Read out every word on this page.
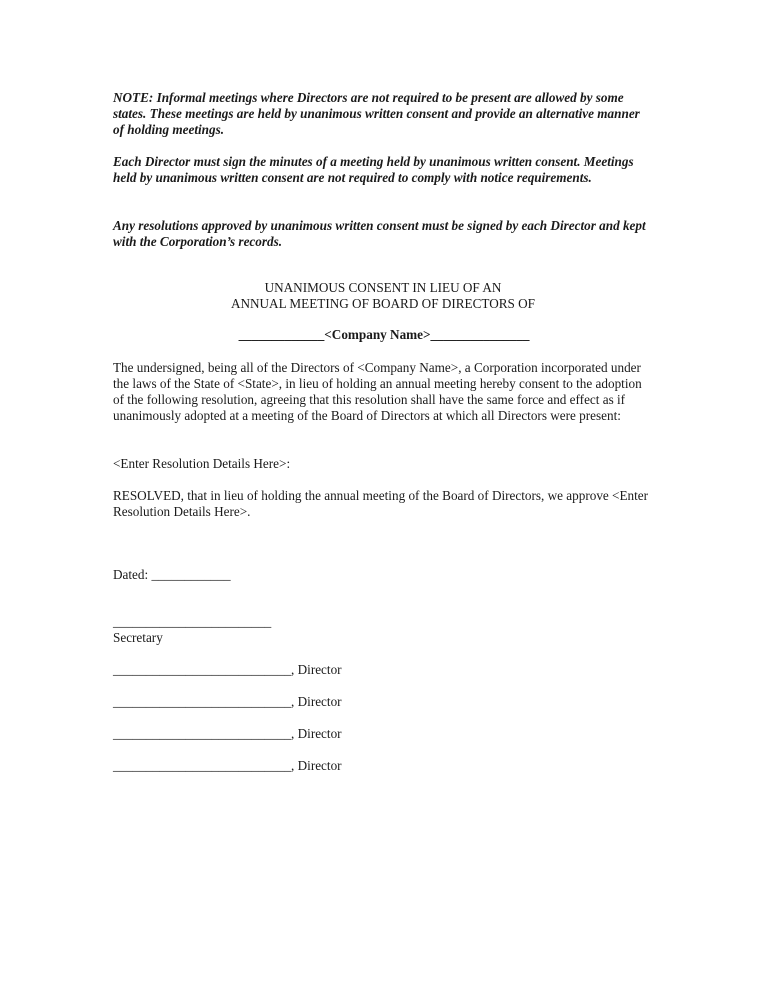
NOTE: Informal meetings where Directors are not required to be present are allowed by some states. These meetings are held by unanimous written consent and provide an alternative manner of holding meetings.

Each Director must sign the minutes of a meeting held by unanimous written consent. Meetings held by unanimous written consent are not required to comply with notice requirements.

Any resolutions approved by unanimous written consent must be signed by each Director and kept with the Corporation’s records.

UNANIMOUS CONSENT IN LIEU OF AN
ANNUAL MEETING OF BOARD OF DIRECTORS OF

_____________<Company Name>_______________

The undersigned, being all of the Directors of <Company Name>, a Corporation incorporated under the laws of the State of <State>, in lieu of holding an annual meeting hereby consent to the adoption of the following resolution, agreeing that this resolution shall have the same force and effect as if unanimously adopted at a meeting of the Board of Directors at which all Directors were present:

<Enter Resolution Details Here>:

RESOLVED, that in lieu of holding the annual meeting of the Board of Directors, we approve <Enter Resolution Details Here>.

Dated: ____________

________________________

Secretary

___________________________, Director

___________________________, Director

___________________________, Director

___________________________, Director
